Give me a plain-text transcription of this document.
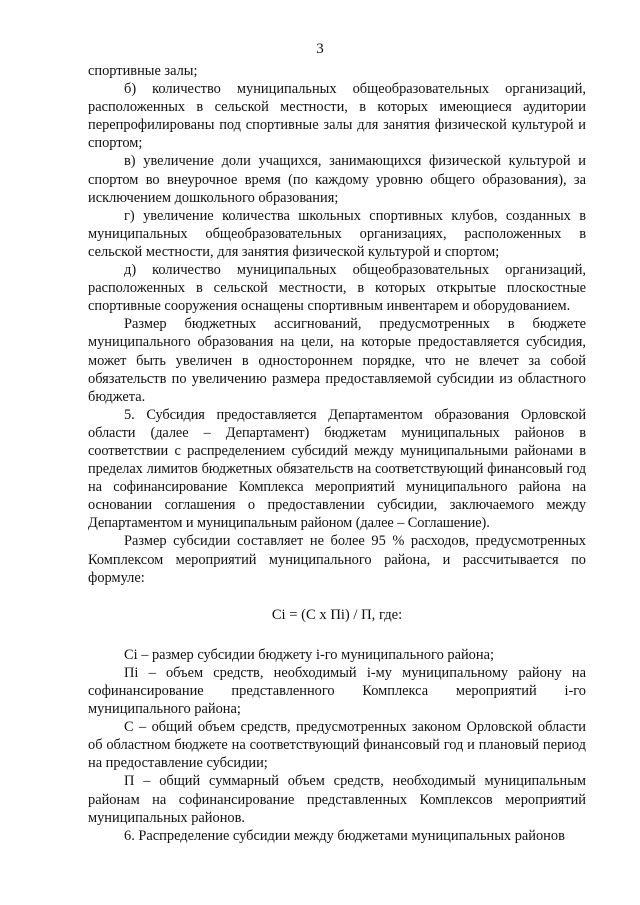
3

спортивные залы;

б) количество муниципальных общеобразовательных организаций, расположенных в сельской местности, в которых имеющиеся аудитории перепрофилированы под спортивные залы для занятия физической культурой и спортом;

в) увеличение доли учащихся, занимающихся физической культурой и спортом во внеурочное время (по каждому уровню общего образования), за исключением дошкольного образования;

г) увеличение количества школьных спортивных клубов, созданных в муниципальных общеобразовательных организациях, расположенных в сельской местности, для занятия физической культурой и спортом;

д) количество муниципальных общеобразовательных организаций, расположенных в сельской местности, в которых открытые плоскостные спортивные сооружения оснащены спортивным инвентарем и оборудованием.

Размер бюджетных ассигнований, предусмотренных в бюджете муниципального образования на цели, на которые предоставляется субсидия, может быть увеличен в одностороннем порядке, что не влечет за собой обязательств по увеличению размера предоставляемой субсидии из областного бюджета.

5. Субсидия предоставляется Департаментом образования Орловской области (далее – Департамент) бюджетам муниципальных районов в соответствии с распределением субсидий между муниципальными районами в пределах лимитов бюджетных обязательств на соответствующий финансовый год на софинансирование Комплекса мероприятий муниципального района на основании соглашения о предоставлении субсидии, заключаемого между Департаментом и муниципальным районом (далее – Соглашение).

Размер субсидии составляет не более 95 % расходов, предусмотренных Комплексом мероприятий муниципального района, и рассчитывается по формуле:

Ci = (C x Пi) / П, где:

Ci – размер субсидии бюджету i-го муниципального района;

Пi – объем средств, необходимый i-му муниципальному району на софинансирование представленного Комплекса мероприятий i-го муниципального района;

С – общий объем средств, предусмотренных законом Орловской области об областном бюджете на соответствующий финансовый год и плановый период на предоставление субсидии;

П – общий суммарный объем средств, необходимый муниципальным районам на софинансирование представленных Комплексов мероприятий муниципальных районов.

6. Распределение субсидии между бюджетами муниципальных районов
